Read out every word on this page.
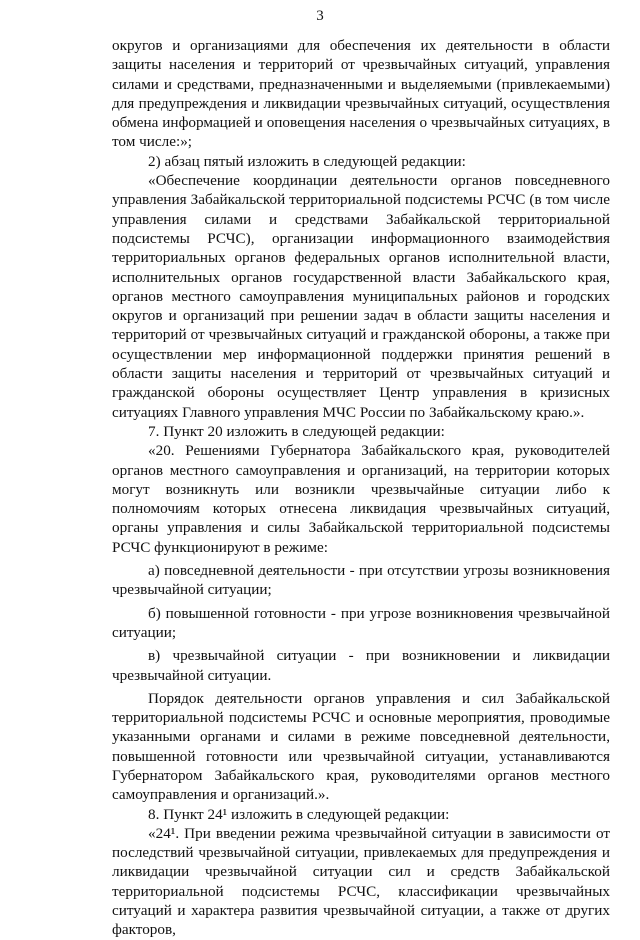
3

округов и организациями для обеспечения их деятельности в области защиты населения и территорий от чрезвычайных ситуаций, управления силами и средствами, предназначенными и выделяемыми (привлекаемыми) для предупреждения и ликвидации чрезвычайных ситуаций, осуществления обмена информацией и оповещения населения о чрезвычайных ситуациях, в том числе:»;

2) абзац пятый изложить в следующей редакции:

«Обеспечение координации деятельности органов повседневного управления Забайкальской территориальной подсистемы РСЧС (в том числе управления силами и средствами Забайкальской территориальной подсистемы РСЧС), организации информационного взаимодействия территориальных органов федеральных органов исполнительной власти, исполнительных органов государственной власти Забайкальского края, органов местного самоуправления муниципальных районов и городских округов и организаций при решении задач в области защиты населения и территорий от чрезвычайных ситуаций и гражданской обороны, а также при осуществлении мер информационной поддержки принятия решений в области защиты населения и территорий от чрезвычайных ситуаций и гражданской обороны осуществляет Центр управления в кризисных ситуациях Главного управления МЧС России по Забайкальскому краю.».

7. Пункт 20 изложить в следующей редакции:

«20. Решениями Губернатора Забайкальского края, руководителей органов местного самоуправления и организаций, на территории которых могут возникнуть или возникли чрезвычайные ситуации либо к полномочиям которых отнесена ликвидация чрезвычайных ситуаций, органы управления и силы Забайкальской территориальной подсистемы РСЧС функционируют в режиме:

а) повседневной деятельности - при отсутствии угрозы возникновения чрезвычайной ситуации;

б) повышенной готовности - при угрозе возникновения чрезвычайной ситуации;

в) чрезвычайной ситуации - при возникновении и ликвидации чрезвычайной ситуации.

Порядок деятельности органов управления и сил Забайкальской территориальной подсистемы РСЧС и основные мероприятия, проводимые указанными органами и силами в режиме повседневной деятельности, повышенной готовности или чрезвычайной ситуации, устанавливаются Губернатором Забайкальского края, руководителями органов местного самоуправления и организаций.».

8. Пункт 24¹ изложить в следующей редакции:

«24¹. При введении режима чрезвычайной ситуации в зависимости от последствий чрезвычайной ситуации, привлекаемых для предупреждения и ликвидации чрезвычайной ситуации сил и средств Забайкальской территориальной подсистемы РСЧС, классификации чрезвычайных ситуаций и характера развития чрезвычайной ситуации, а также от других факторов,
